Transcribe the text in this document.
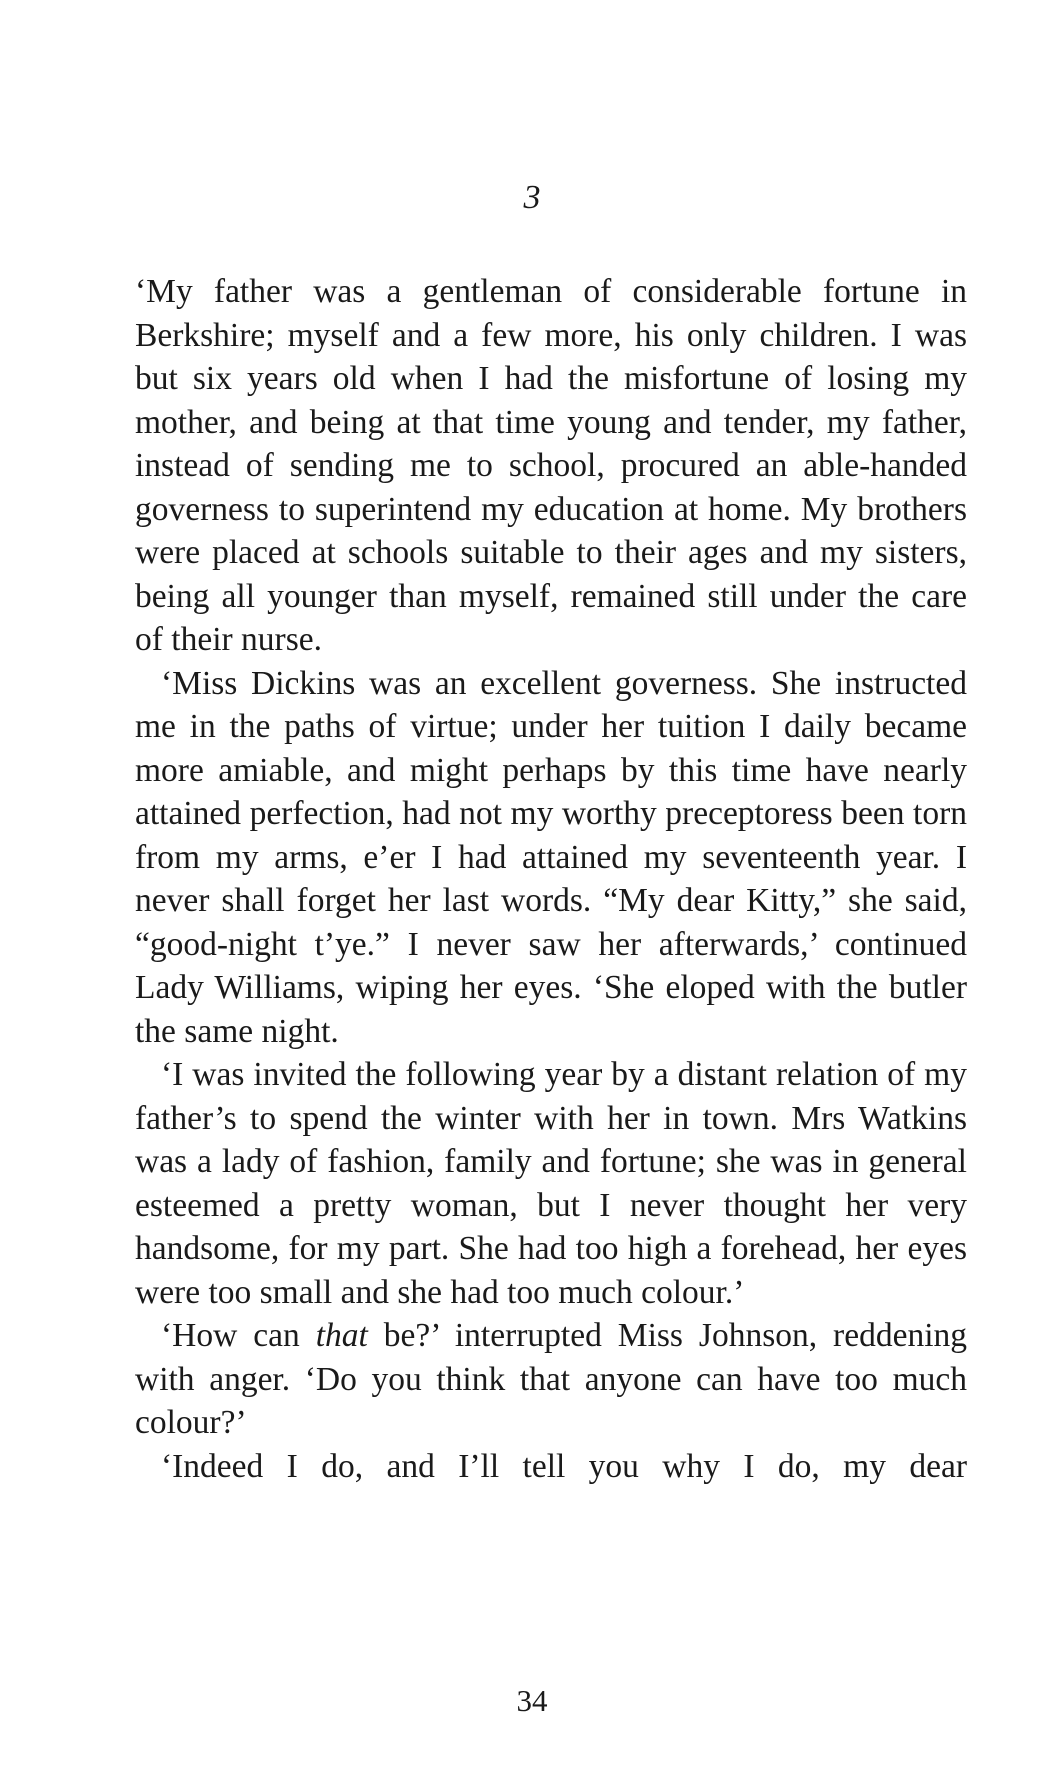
3

‘My father was a gentleman of considerable fortune in Berkshire; myself and a few more, his only children. I was but six years old when I had the misfortune of losing my mother, and being at that time young and tender, my father, instead of sending me to school, procured an able-handed governess to superintend my education at home. My brothers were placed at schools suitable to their ages and my sisters, being all younger than myself, remained still under the care of their nurse.

‘Miss Dickins was an excellent governess. She instructed me in the paths of virtue; under her tuition I daily became more amiable, and might perhaps by this time have nearly attained perfection, had not my worthy preceptoress been torn from my arms, e’er I had attained my seventeenth year. I never shall forget her last words. “My dear Kitty,” she said, “good-night t’ye.” I never saw her afterwards,’ continued Lady Williams, wiping her eyes. ‘She eloped with the butler the same night.

‘I was invited the following year by a distant relation of my father’s to spend the winter with her in town. Mrs Watkins was a lady of fashion, family and fortune; she was in general esteemed a pretty woman, but I never thought her very handsome, for my part. She had too high a forehead, her eyes were too small and she had too much colour.’

‘How can that be?’ interrupted Miss Johnson, reddening with anger. ‘Do you think that anyone can have too much colour?’

‘Indeed I do, and I’ll tell you why I do, my dear

34
